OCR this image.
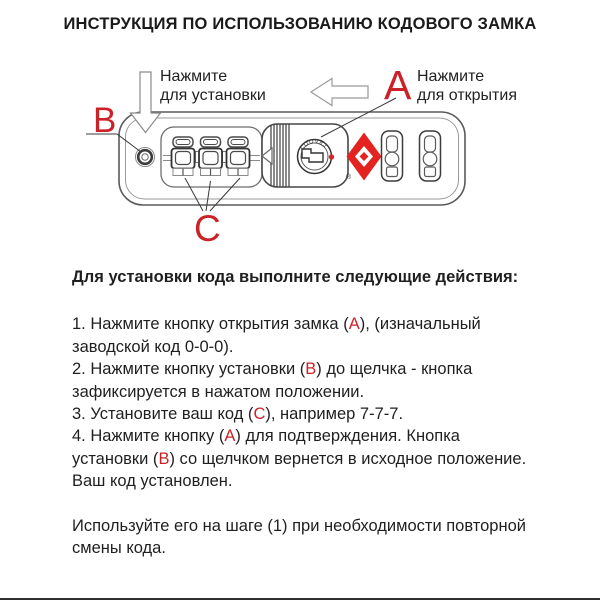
ИНСТРУКЦИЯ ПО ИСПОЛЬЗОВАНИЮ КОДОВОГО ЗАМКА
LOOV8J
®
B
A
C
Нажмите
для установки
Нажмите
для открытия

Для установки кода выполните следующие действия:

1. Нажмите кнопку открытия замка (A), (изначальный заводской код 0-0-0).

2. Нажмите кнопку установки (B) до щелчка - кнопка зафиксируется в нажатом положении.

3. Установите ваш код (C), например 7-7-7.

4. Нажмите кнопку (A) для подтверждения. Кнопка установки (B) со щелчком вернется в исходное положение.

Ваш код установлен.

Используйте его на шаге (1) при необходимости повторной смены кода.
